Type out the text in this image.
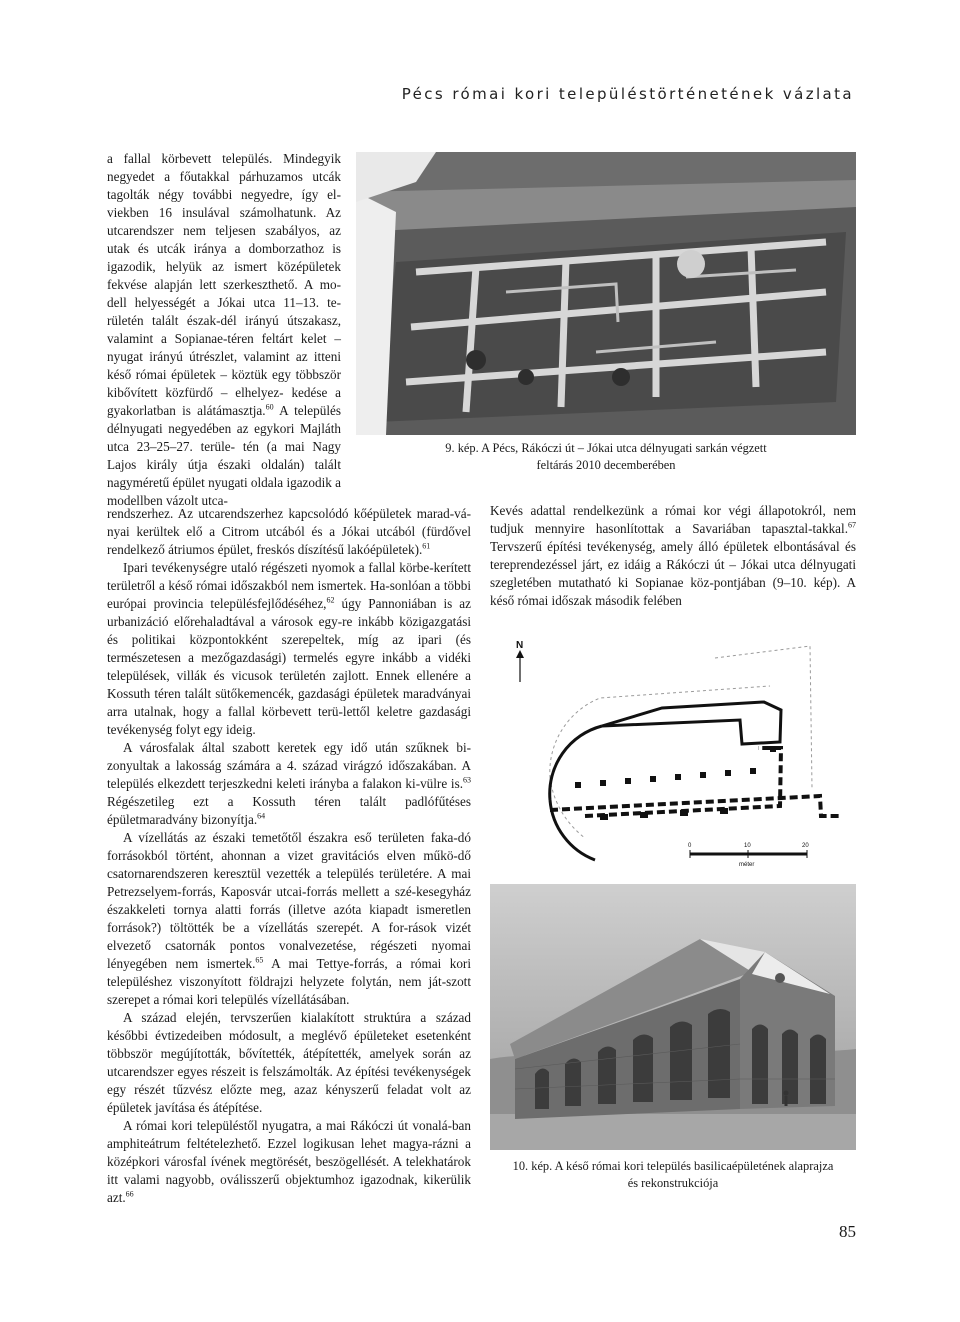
Pécs római kori településtörténetének vázlata
a fallal körbevett település. Mindegyik negyedet a főutakkal párhuzamos utcák tagolták négy további negyedre, így el- viekben 16 insulával számolhatunk. Az utcarendszer nem teljesen szabályos, az utak és utcák iránya a domborzathoz is igazodik, helyük az ismert középületek fekvése alapján lett szerkeszthető. A mo- dell helyességét a Jókai utca 11–13. te- rületén talált észak-dél irányú útszakasz, valamint a Sopianae-téren feltárt kelet – nyugat irányú útrészlet, valamint az itteni késő római épületek – köztük egy többször kibővített közfürdő – elhelyez- kedése a gyakorlatban is alátámasztja.$^{60}$ A település délnyugati negyedében az egykori Majláth utca 23–25–27. terüle- tén (a mai Nagy Lajos király útja északi oldalán) talált nagyméretű épület nyugati oldala igazodik a modellben vázolt utca-

rendszerhez. Az utcarendszerhez kapcsolódó kőépületek marad-ványai kerültek elő a Citrom utcából és a Jókai utcából (fürdővel rendelkező átriumos épület, freskós díszítésű lakóépületek).$^{61}$

Ipari tevékenységre utaló régészeti nyomok a fallal körbe-kerített területről a késő római időszakból nem ismertek. Ha-sonlóan a többi európai provincia településfejlődéséhez,$^{62}$ úgy Pannoniában is az urbanizáció előrehaladtával a városok egy-re inkább közigazgatási és politikai központokként szerepeltek, míg az ipari (és természetesen a mezőgazdasági) termelés egyre inkább a vidéki települések, villák és vicusok területén zajlott. Ennek ellenére a Kossuth téren talált sütőkemencék, gazdasági épületek maradványai arra utalnak, hogy a fallal körbevett terü-lettől keletre gazdasági tevékenység folyt egy ideig.

A városfalak által szabott keretek egy idő után szűknek bi-zonyultak a lakosság számára a 4. század virágzó időszakában. A település elkezdett terjeszkedni keleti irányba a falakon ki-vülre is.$^{63}$ Régészetileg ezt a Kossuth téren talált padlófűtéses épületmaradvány bizonyítja.$^{64}$

A vízellátás az északi temetőtől északra eső területen faka-dó forrásokból történt, ahonnan a vizet gravitációs elven műkö-dő csatornarendszeren keresztül vezették a település területére. A mai Petrezselyem-forrás, Kaposvár utcai-forrás mellett a szé-kesegyház északkeleti tornya alatti forrás (illetve azóta kiapadt ismeretlen források?) töltötték be a vízellátás szerepét. A for-rások vizét elvezető csatornák pontos vonalvezetése, régészeti nyomai lényegében nem ismertek.$^{65}$ A mai Tettye-forrás, a római kori településhez viszonyított földrajzi helyzete folytán, nem ját-szott szerepet a római kori település vízellátásában.

A század elején, tervszerűen kialakított struktúra a század későbbi évtizedeiben módosult, a meglévő épületeket esetenként többször megújították, bővítették, átépítették, amelyek során az utcarendszer egyes részeit is felszámolták. Az építési tevékenységek egy részét tűzvész előzte meg, azaz kényszerű feladat volt az épületek javítása és átépítése.

A római kori településtől nyugatra, a mai Rákóczi út vonalá-ban amphiteátrum feltételezhető. Ezzel logikusan lehet magya-rázni a középkori városfal ívének megtörését, beszögellését. A telekhatárok itt valami nagyobb, oválisszerű objektumhoz igazodnak, kikerülik azt.$^{66}$

9. kép. A Pécs, Rákóczi út – Jókai utca délnyugati sarkán végzett
feltárás 2010 decemberében
Kevés adattal rendelkezünk a római kor végi állapotokról, nem tudjuk mennyire hasonlítottak a Savariában tapasztal-takkal.$^{67}$ Tervszerű építési tevékenység, amely álló épületek elbontásával és tereprendezéssel járt, ez idáig a Rákóczi út – Jókai utca délnyugati szegletében mutatható ki Sopianae köz-pontjában (9–10. kép). A késő római időszak második felében
N
0	10	20
méter
10. kép. A késő római kori település basilicaépületének alaprajza
és rekonstrukciója
85
